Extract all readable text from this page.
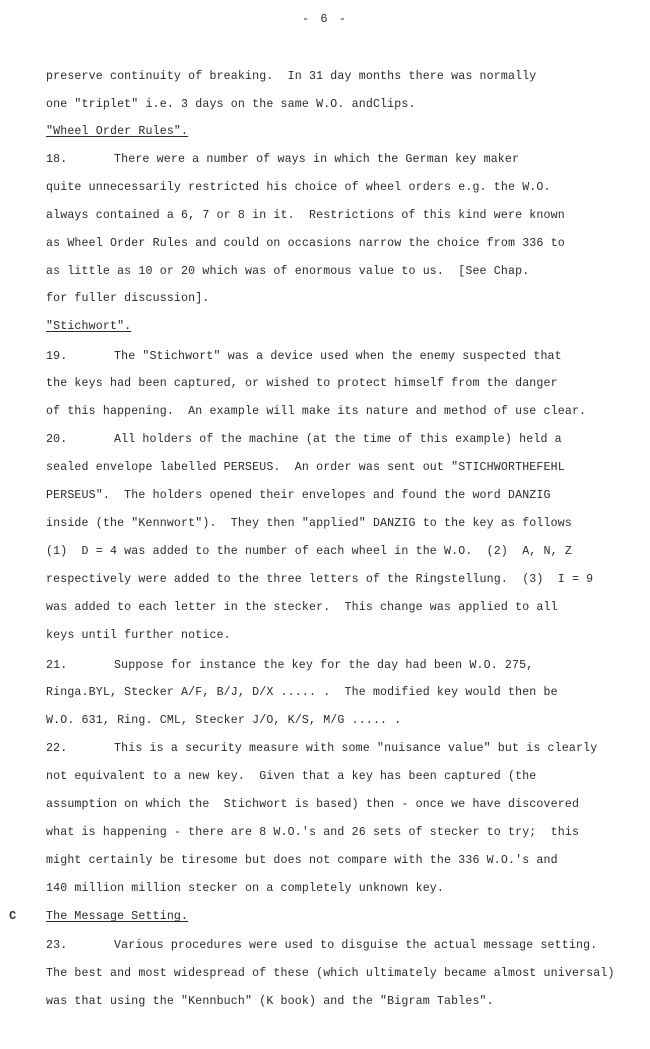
- 6 -
preserve continuity of breaking.  In 31 day months there was normally
one "triplet" i.e. 3 days on the same W.O. andClips.
"Wheel Order Rules".
18.	There were a number of ways in which the German key maker
quite unnecessarily restricted his choice of wheel orders e.g. the W.O.
always contained a 6, 7 or 8 in it.  Restrictions of this kind were known
as Wheel Order Rules and could on occasions narrow the choice from 336 to
as little as 10 or 20 which was of enormous value to us.  [See Chap.
for fuller discussion].
"Stichwort".
19.	The "Stichwort" was a device used when the enemy suspected that
the keys had been captured, or wished to protect himself from the danger
of this happening.  An example will make its nature and method of use clear.
20.	All holders of the machine (at the time of this example) held a
sealed envelope labelled PERSEUS.  An order was sent out "STICHWORTHEFEHL
PERSEUS".  The holders opened their envelopes and found the word DANZIG
inside (the "Kennwort").  They then "applied" DANZIG to the key as follows
(1)  D = 4 was added to the number of each wheel in the W.O.  (2)  A, N, Z
respectively were added to the three letters of the Ringstellung.  (3)  I = 9
was added to each letter in the stecker.  This change was applied to all
keys until further notice.
21.	Suppose for instance the key for the day had been W.O. 275,
Ringa.BYL, Stecker A/F, B/J, D/X ..... .  The modified key would then be
W.O. 631, Ring. CML, Stecker J/O, K/S, M/G ..... .
22.	This is a security measure with some "nuisance value" but is clearly
not equivalent to a new key.  Given that a key has been captured (the
assumption on which the  Stichwort is based) then - once we have discovered
what is happening - there are 8 W.O.'s and 26 sets of stecker to try;  this
might certainly be tiresome but does not compare with the 336 W.O.'s and
140 million million stecker on a completely unknown key.
C	The Message Setting.
23.	Various procedures were used to disguise the actual message setting.
The best and most widespread of these (which ultimately became almost universal)
was that using the "Kennbuch" (K book) and the "Bigram Tables".
